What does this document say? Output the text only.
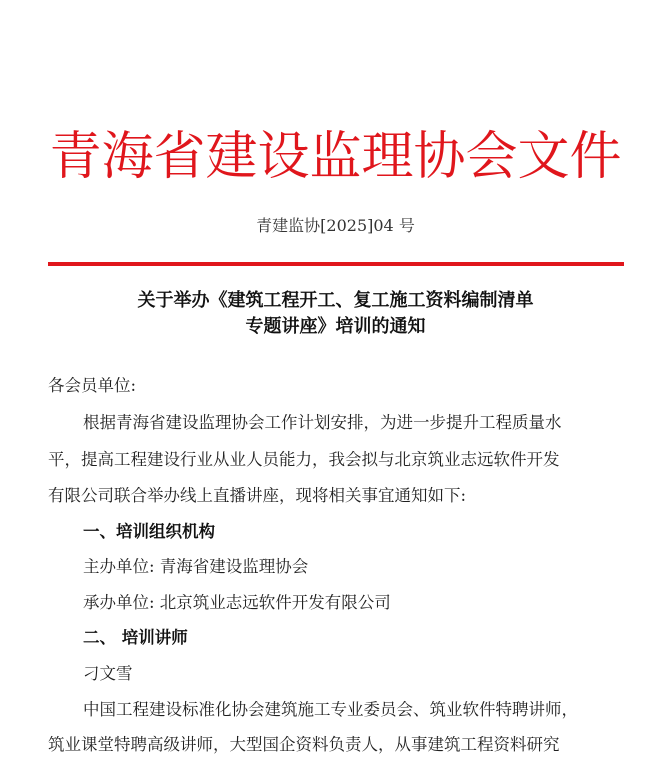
青海省建设监理协会文件
青建监协[2025]04 号
关于举办《建筑工程开工、复工施工资料编制清单
专题讲座》培训的通知
各会员单位:
根据青海省建设监理协会工作计划安排，为进一步提升工程质量水
平，提高工程建设行业从业人员能力，我会拟与北京筑业志远软件开发
有限公司联合举办线上直播讲座，现将相关事宜通知如下:
一、培训组织机构
主办单位: 青海省建设监理协会
承办单位: 北京筑业志远软件开发有限公司
二、 培训讲师
刁文雪
中国工程建设标准化协会建筑施工专业委员会、筑业软件特聘讲师，
筑业课堂特聘高级讲师，大型国企资料负责人，从事建筑工程资料研究
